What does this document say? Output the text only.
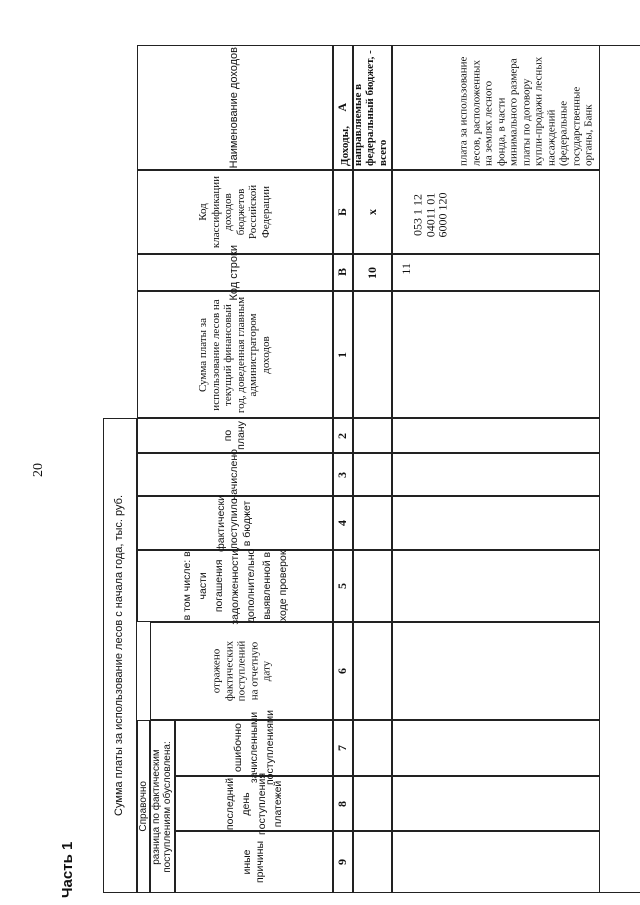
20
Часть 1
Наименование доходов
Код классификации доходов бюджетов Российской Федерации
Код строки
Сумма платы за использование лесов на текущий финансовый год, доведенная главным администратором доходов
Сумма платы за использование лесов с начала года, тыс. руб.
по плану
начислено
фактически поступило в бюджет
в том числе: в части погашения задолженности, дополнительно выявленной в ходе проверок
Справочно разница по фактическим поступлениям обусловлена:
отражено фактических поступлений на отчетную дату
ошибочно зачисленными поступлениями
последний день поступления платежей
иные причины
А
Б
В
1
2
3
4
5
6
7
8
9
Доходы, направляемые в федеральный бюджет, - всего
x
10
плата за использование лесов, расположенных на землях лесного фонда, в части минимального размера платы по договору купли-продажи лесных насаждений (федеральные государственные органы, Банк
053 1 12 04011 01 6000 120
11
